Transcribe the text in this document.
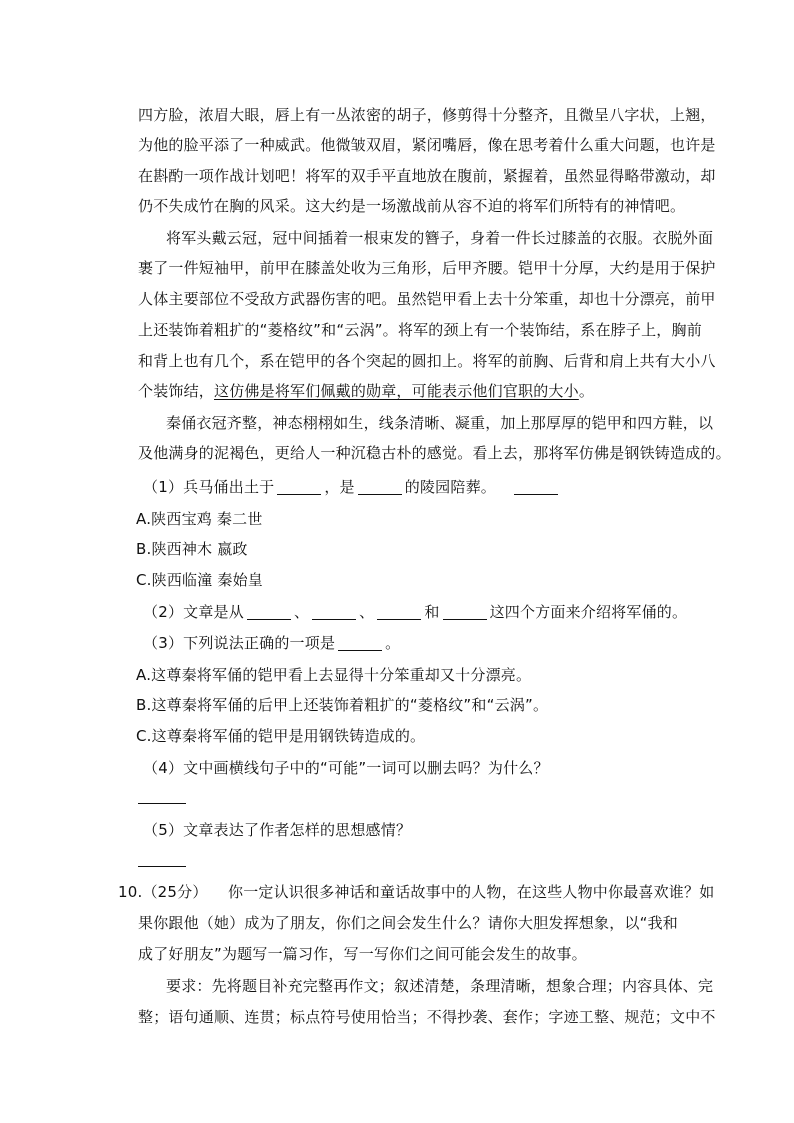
四方脸，浓眉大眼，唇上有一丛浓密的胡子，修剪得十分整齐，且微呈八字状，上翘，
为他的脸平添了一种威武。他微皱双眉，紧闭嘴唇，像在思考着什么重大问题，也许是
在斟酌一项作战计划吧！将军的双手平直地放在腹前，紧握着，虽然显得略带激动，却
仍不失成竹在胸的风采。这大约是一场激战前从容不迫的将军们所特有的神情吧。
将军头戴云冠，冠中间插着一根束发的簪子，身着一件长过膝盖的衣服。衣脱外面
裹了一件短袖甲，前甲在膝盖处收为三角形，后甲齐腰。铠甲十分厚，大约是用于保护
人体主要部位不受敌方武器伤害的吧。虽然铠甲看上去十分笨重，却也十分漂亮，前甲
上还装饰着粗扩的“菱格纹”和“云涡”。将军的颈上有一个装饰结，系在脖子上，胸前
和背上也有几个，系在铠甲的各个突起的圆扣上。将军的前胸、后背和肩上共有大小八
个装饰结，这仿佛是将军们佩戴的勋章，可能表示他们官职的大小。
秦俑衣冠齐整，神态栩栩如生，线条清晰、凝重，加上那厚厚的铠甲和四方鞋，以
及他满身的泥褐色，更给人一种沉稳古朴的感觉。看上去，那将军仿佛是钢铁铸造成的。
（1）兵马俑出土于	，是	的陵园陪葬。
A.陕西宝鸡 秦二世
B.陕西神木 嬴政
C.陕西临潼 秦始皇
（2）文章是从	、	、	和	这四个方面来介绍将军俑的。
（3）下列说法正确的一项是	。
A.这尊秦将军俑的铠甲看上去显得十分笨重却又十分漂亮。
B.这尊秦将军俑的后甲上还装饰着粗扩的“菱格纹”和“云涡”。
C.这尊秦将军俑的铠甲是用钢铁铸造成的。
（4）文中画横线句子中的“可能”一词可以删去吗？为什么？
（5）文章表达了作者怎样的思想感情？
10.（25分）	你一定认识很多神话和童话故事中的人物，在这些人物中你最喜欢谁？如
果你跟他（她）成为了朋友，你们之间会发生什么？请你大胆发挥想象，以“我和
成了好朋友”为题写一篇习作，写一写你们之间可能会发生的故事。
要求：先将题目补充完整再作文；叙述清楚，条理清晰，想象合理；内容具体、完
整；语句通顺、连贯；标点符号使用恰当；不得抄袭、套作；字迹工整、规范；文中不
